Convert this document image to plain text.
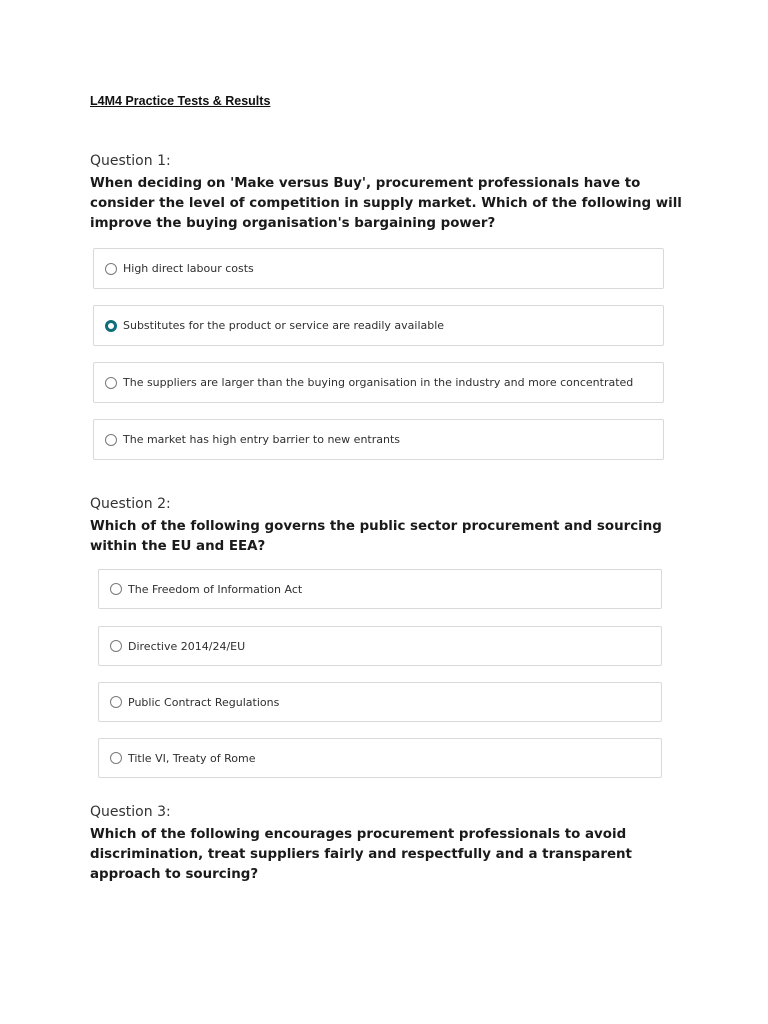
L4M4 Practice Tests & Results

Question 1:

When deciding on 'Make versus Buy', procurement professionals have to consider the level of competition in supply market. Which of the following will improve the buying organisation's bargaining power?

High direct labour costs
Substitutes for the product or service are readily available
The suppliers are larger than the buying organisation in the industry and more concentrated
The market has high entry barrier to new entrants

Question 2:

Which of the following governs the public sector procurement and sourcing within the EU and EEA?

The Freedom of Information Act
Directive 2014/24/EU
Public Contract Regulations
Title VI, Treaty of Rome

Question 3:

Which of the following encourages procurement professionals to avoid discrimination, treat suppliers fairly and respectfully and a transparent approach to sourcing?
